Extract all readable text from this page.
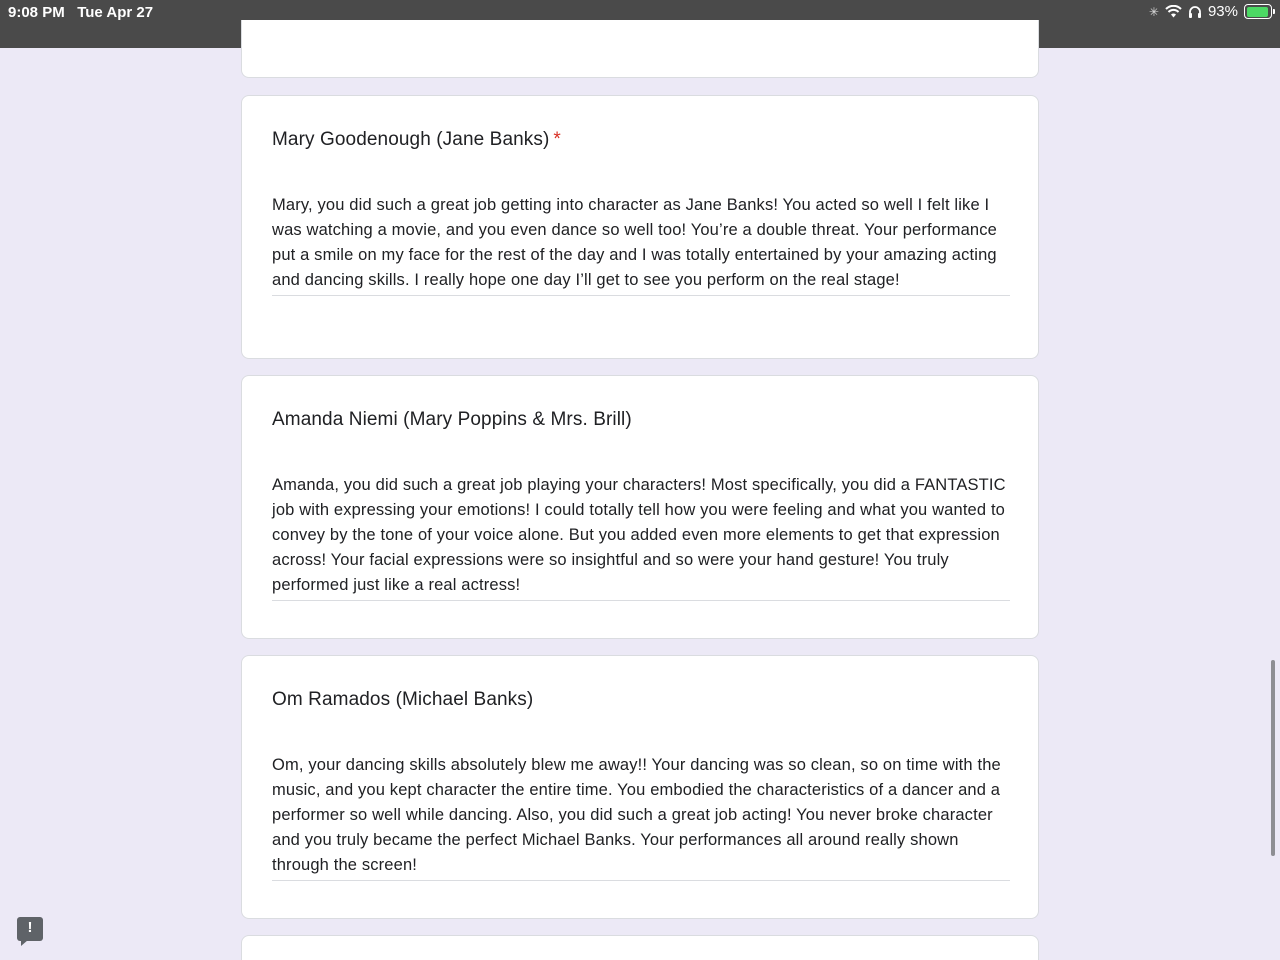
9:08 PM Tue Apr 27	✳	93%
Mary Goodenough (Jane Banks) *
Mary, you did such a great job getting into character as Jane Banks! You acted so well I felt like I was watching a movie, and you even dance so well too! You’re a double threat. Your performance put a smile on my face for the rest of the day and I was totally entertained by your amazing acting and dancing skills. I really hope one day I’ll get to see you perform on the real stage!
Amanda Niemi (Mary Poppins & Mrs. Brill)
Amanda, you did such a great job playing your characters! Most specifically, you did a FANTASTIC job with expressing your emotions! I could totally tell how you were feeling and what you wanted to convey by the tone of your voice alone. But you added even more elements to get that expression across! Your facial expressions were so insightful and so were your hand gesture! You truly performed just like a real actress!
Om Ramados (Michael Banks)
Om, your dancing skills absolutely blew me away!! Your dancing was so clean, so on time with the music, and you kept character the entire time. You embodied the characteristics of a dancer and a performer so well while dancing. Also, you did such a great job acting! You never broke character and you truly became the perfect Michael Banks. Your performances all around really shown through the screen!
!
